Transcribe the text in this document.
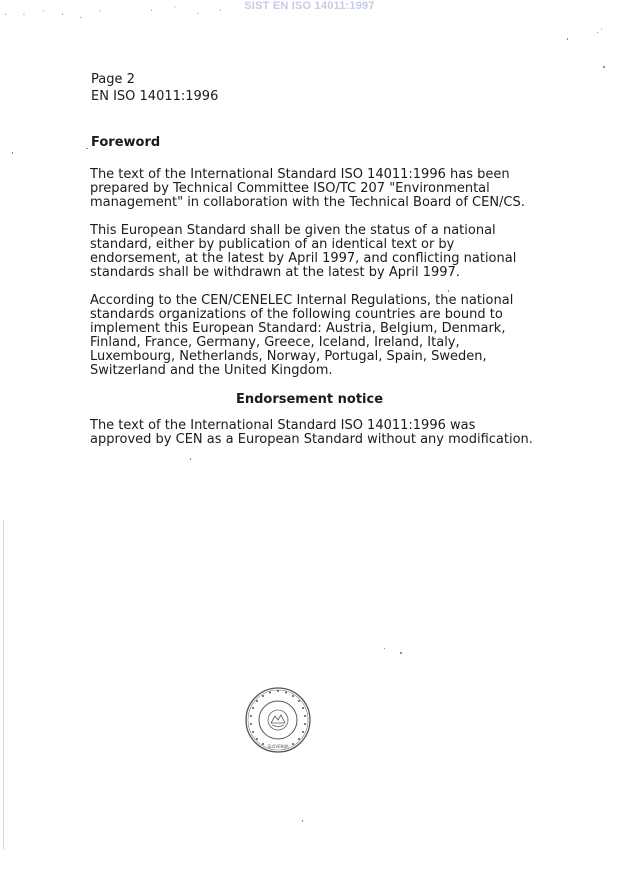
SIST EN ISO 14011:1997
· · ˙ · . ˙	· ˙ . ·
·˙
Page 2
EN ISO 14011:1996
Foreword
The text of the International Standard ISO 14011:1996 has been
prepared by Technical Committee ISO/TC 207 "Environmental
management" in collaboration with the Technical Board of CEN/CS.
This European Standard shall be given the status of a national
standard, either by publication of an identical text or by
endorsement, at the latest by April 1997, and conflicting national
standards shall be withdrawn at the latest by April 1997.
According to the CEN/CENELEC Internal Regulations, the national
standards organizations of the following countries are bound to
implement this European Standard: Austria, Belgium, Denmark,
Finland, France, Germany, Greece, Iceland, Ireland, Italy,
Luxembourg, Netherlands, Norway, Portugal, Spain, Sweden,
Switzerland and the United Kingdom.
Endorsement notice
The text of the International Standard ISO 14011:1996 was
approved by CEN as a European Standard without any modification.
SLOVENIJA
